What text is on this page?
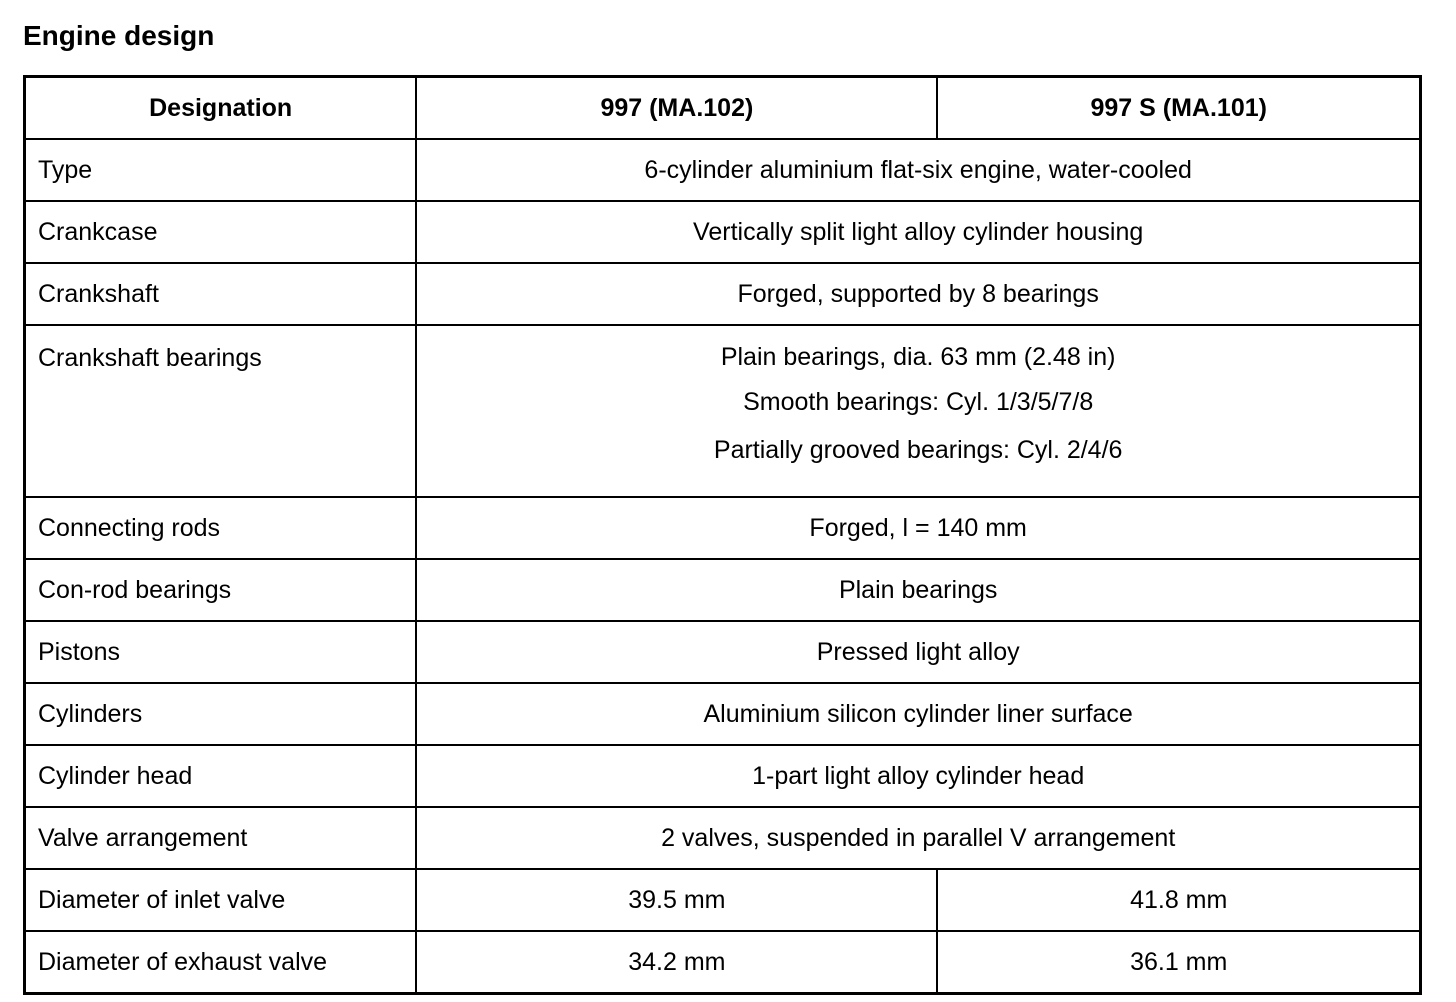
Engine design
Designation	997 (MA.102)	997 S (MA.101)
Type	6-cylinder aluminium flat-six engine, water-cooled	
Crankcase	Vertically split light alloy cylinder housing	
Crankshaft	Forged, supported by 8 bearings	
Crankshaft bearings	Plain bearings, dia. 63 mm (2.48 in)
Smooth bearings: Cyl. 1/3/5/7/8
Partially grooved bearings: Cyl. 2/4/6	

Connecting rods	Forged, l = 140 mm	
Con-rod bearings	Plain bearings	
Pistons	Pressed light alloy	
Cylinders	Aluminium silicon cylinder liner surface	
Cylinder head	1-part light alloy cylinder head	
Valve arrangement	2 valves, suspended in parallel V arrangement	
Diameter of inlet valve	39.5 mm	41.8 mm
Diameter of exhaust valve	34.2 mm	36.1 mm
